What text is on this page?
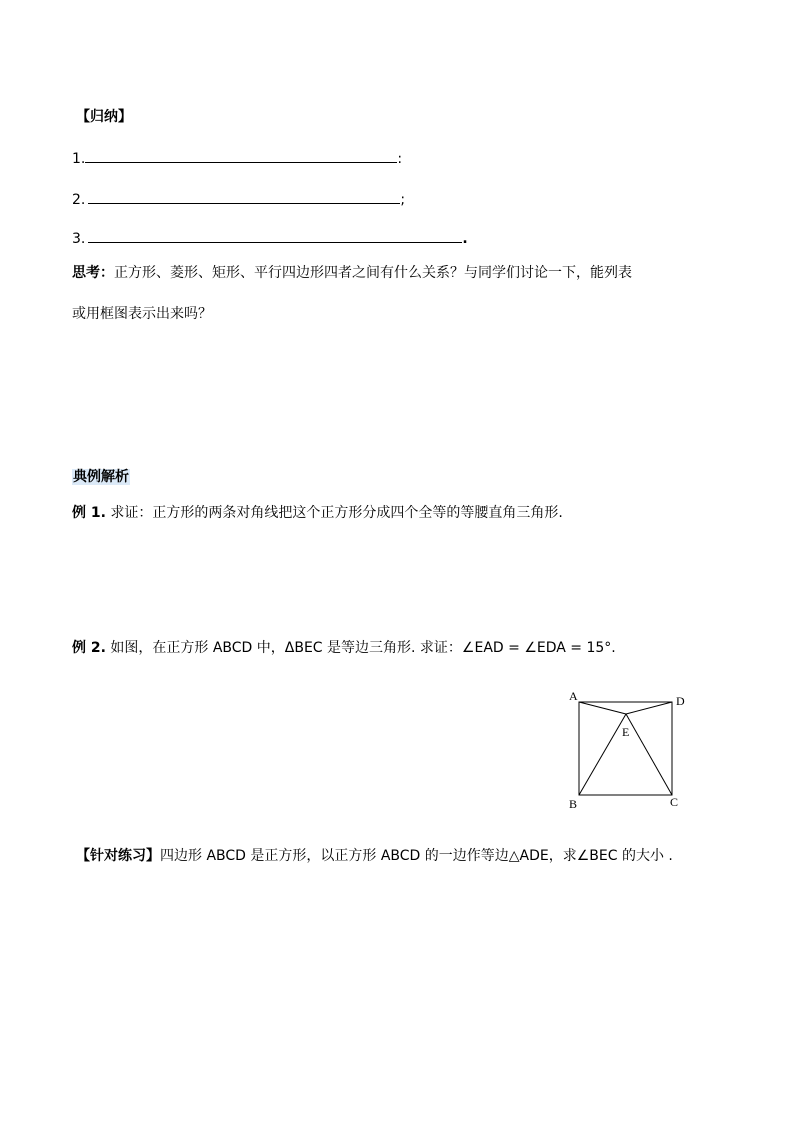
【归纳】
1.	:
2.	;
3.	.
思考：正方形、菱形、矩形、平行四边形四者之间有什么关系？与同学们讨论一下，能列表
或用框图表示出来吗？
典例解析
例 1. 求证：正方形的两条对角线把这个正方形分成四个全等的等腰直角三角形.
例 2. 如图，在正方形 ABCD 中，ΔBEC 是等边三角形. 求证：∠EAD = ∠EDA = 15°.
A	D
E
B	C
【针对练习】四边形 ABCD 是正方形，以正方形 ABCD 的一边作等边△ADE，求∠BEC 的大小 .
